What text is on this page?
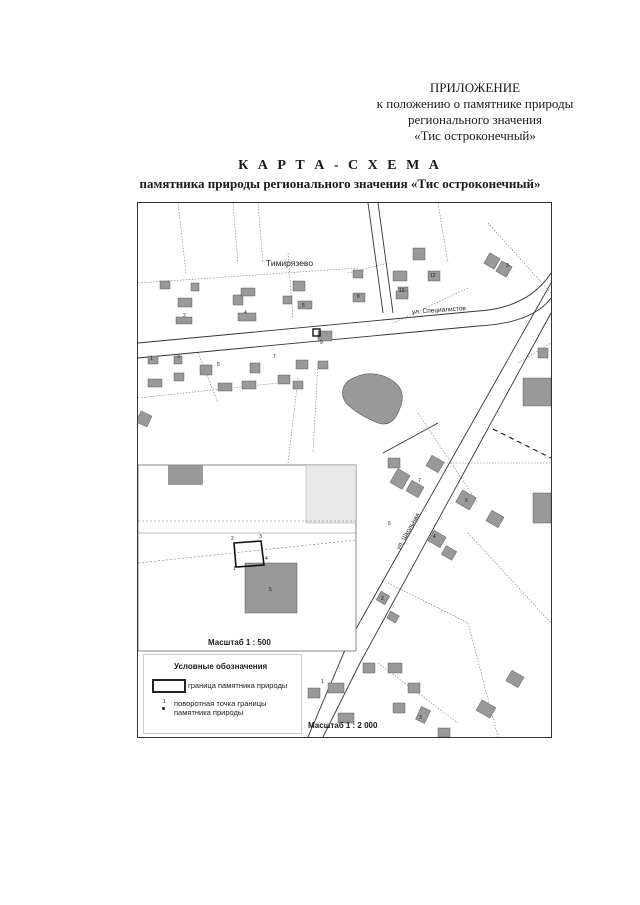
ПРИЛОЖЕНИЕ
к положению о памятнике природы
регионального значения
«Тис остроконечный»
К А Р Т А - С Х Е М А
памятника природы регионального значения «Тис остроконечный»
Тимирязево
ул. Специалистов
ул. Школьная
2	3
4
1
5
2	4
5
8
10
12
3
1	3
5
7
9
7
5
6
4
2
1
3
Масштаб 1 : 500
Условные обозначения
граница памятника природы
1 поворотная точка границы
памятника природы
Масштаб 1 : 2 000
